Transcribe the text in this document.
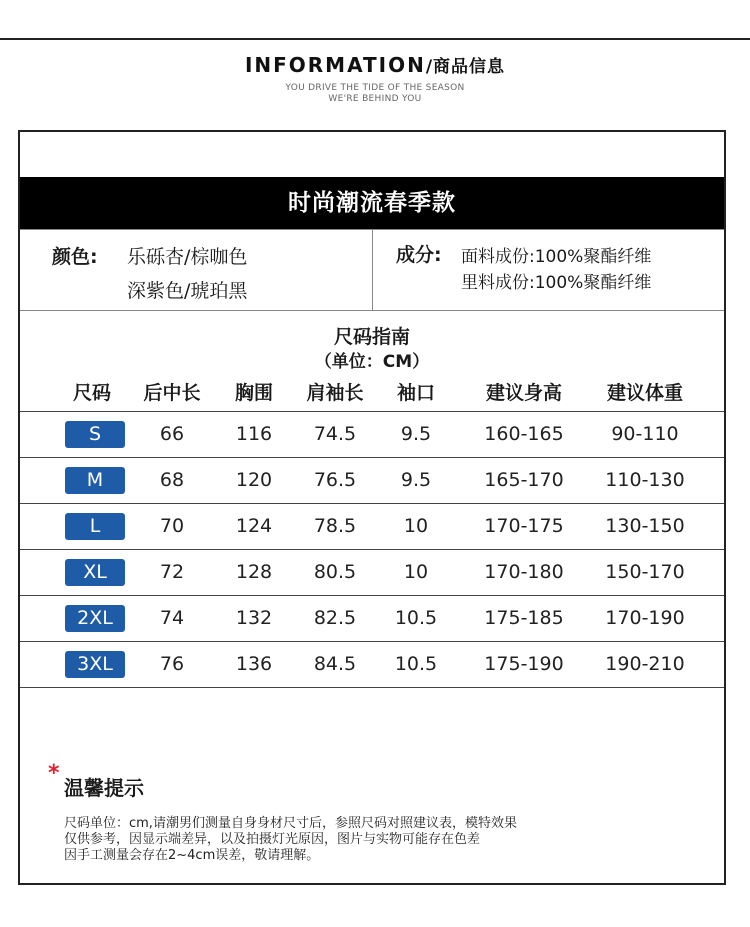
INFORMATION/商品信息
YOU DRIVE THE TIDE OF THE SEASON
WE'RE BEHIND YOU
时尚潮流春季款
颜色: 乐砾杏/棕咖色
深紫色/琥珀黑
成分: 面料成份:100%聚酯纤维
里料成份:100%聚酯纤维
尺码指南
（单位：CM）
尺码 后中长 胸围 肩袖长 袖口	建议身高 建议体重
S	66	116 74.5 9.5	160-165	90-110
M	68	120 76.5 9.5	165-170 110-130
L	70	124 78.5	10	170-175 130-150
XL	72	128 80.5	10	170-180 150-170
2XL	74	132 82.5 10.5 175-185 170-190
3XL	76	136 84.5 10.5 175-190 190-210
*
温馨提示
尺码单位：cm,请潮男们测量自身身材尺寸后，参照尺码对照建议表，模特效果
仅供参考，因显示端差异，以及拍摄灯光原因，图片与实物可能存在色差
因手工测量会存在2~4cm误差，敬请理解。
